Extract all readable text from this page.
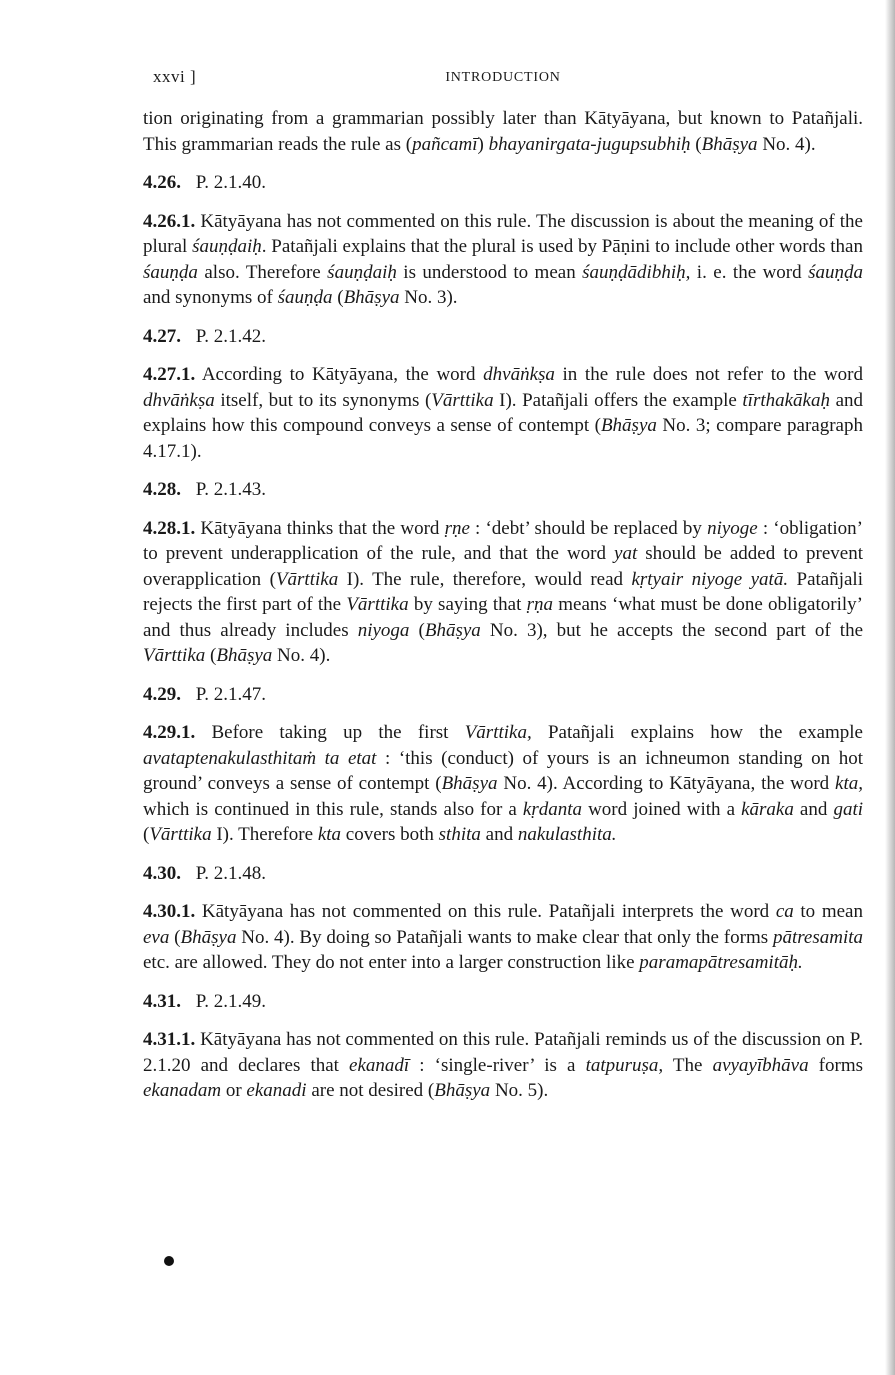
xxvi ]	INTRODUCTION
tion originating from a grammarian possibly later than Kātyāyana, but known to Patañjali. This grammarian reads the rule as (pañcamī) bhayanirgata-jugupsubhiḥ (Bhāṣya No. 4).
4.26. P. 2.1.40.
4.26.1. Kātyāyana has not commented on this rule. The discussion is about the meaning of the plural śauṇḍaiḥ. Patañjali explains that the plural is used by Pāṇini to include other words than śauṇḍa also. Therefore śauṇḍaiḥ is understood to mean śauṇḍādibhiḥ, i. e. the word śauṇḍa and synonyms of śauṇḍa (Bhāṣya No. 3).
4.27. P. 2.1.42.
4.27.1. According to Kātyāyana, the word dhvāṅkṣa in the rule does not refer to the word dhvāṅkṣa itself, but to its synonyms (Vārttika I). Patañjali offers the example tīrthakākaḥ and explains how this compound conveys a sense of contempt (Bhāṣya No. 3; compare paragraph 4.17.1).
4.28. P. 2.1.43.
4.28.1. Kātyāyana thinks that the word ṛṇe : ‘debt’ should be replaced by niyoge : ‘obligation’ to prevent underapplication of the rule, and that the word yat should be added to prevent overapplication (Vārttika I). The rule, therefore, would read kṛtyair niyoge yatā. Patañjali rejects the first part of the Vārttika by saying that ṛṇa means ‘what must be done obligatorily’ and thus already includes niyoga (Bhāṣya No. 3), but he accepts the second part of the Vārttika (Bhāṣya No. 4).
4.29. P. 2.1.47.
4.29.1. Before taking up the first Vārttika, Patañjali explains how the example avataptenakulasthitaṁ ta etat : ‘this (conduct) of yours is an ichneumon standing on hot ground’ conveys a sense of contempt (Bhāṣya No. 4). According to Kātyāyana, the word kta, which is continued in this rule, stands also for a kṛdanta word joined with a kāraka and gati (Vārttika I). Therefore kta covers both sthita and nakulasthita.
4.30. P. 2.1.48.
4.30.1. Kātyāyana has not commented on this rule. Patañjali interprets the word ca to mean eva (Bhāṣya No. 4). By doing so Patañjali wants to make clear that only the forms pātresamita etc. are allowed. They do not enter into a larger construction like paramapātresamitāḥ.
4.31. P. 2.1.49.
4.31.1. Kātyāyana has not commented on this rule. Patañjali reminds us of the discussion on P. 2.1.20 and declares that ekanadī : ‘single-river’ is a tatpuruṣa, The avyayībhāva forms ekanadam or ekanadi are not desired (Bhāṣya No. 5).
